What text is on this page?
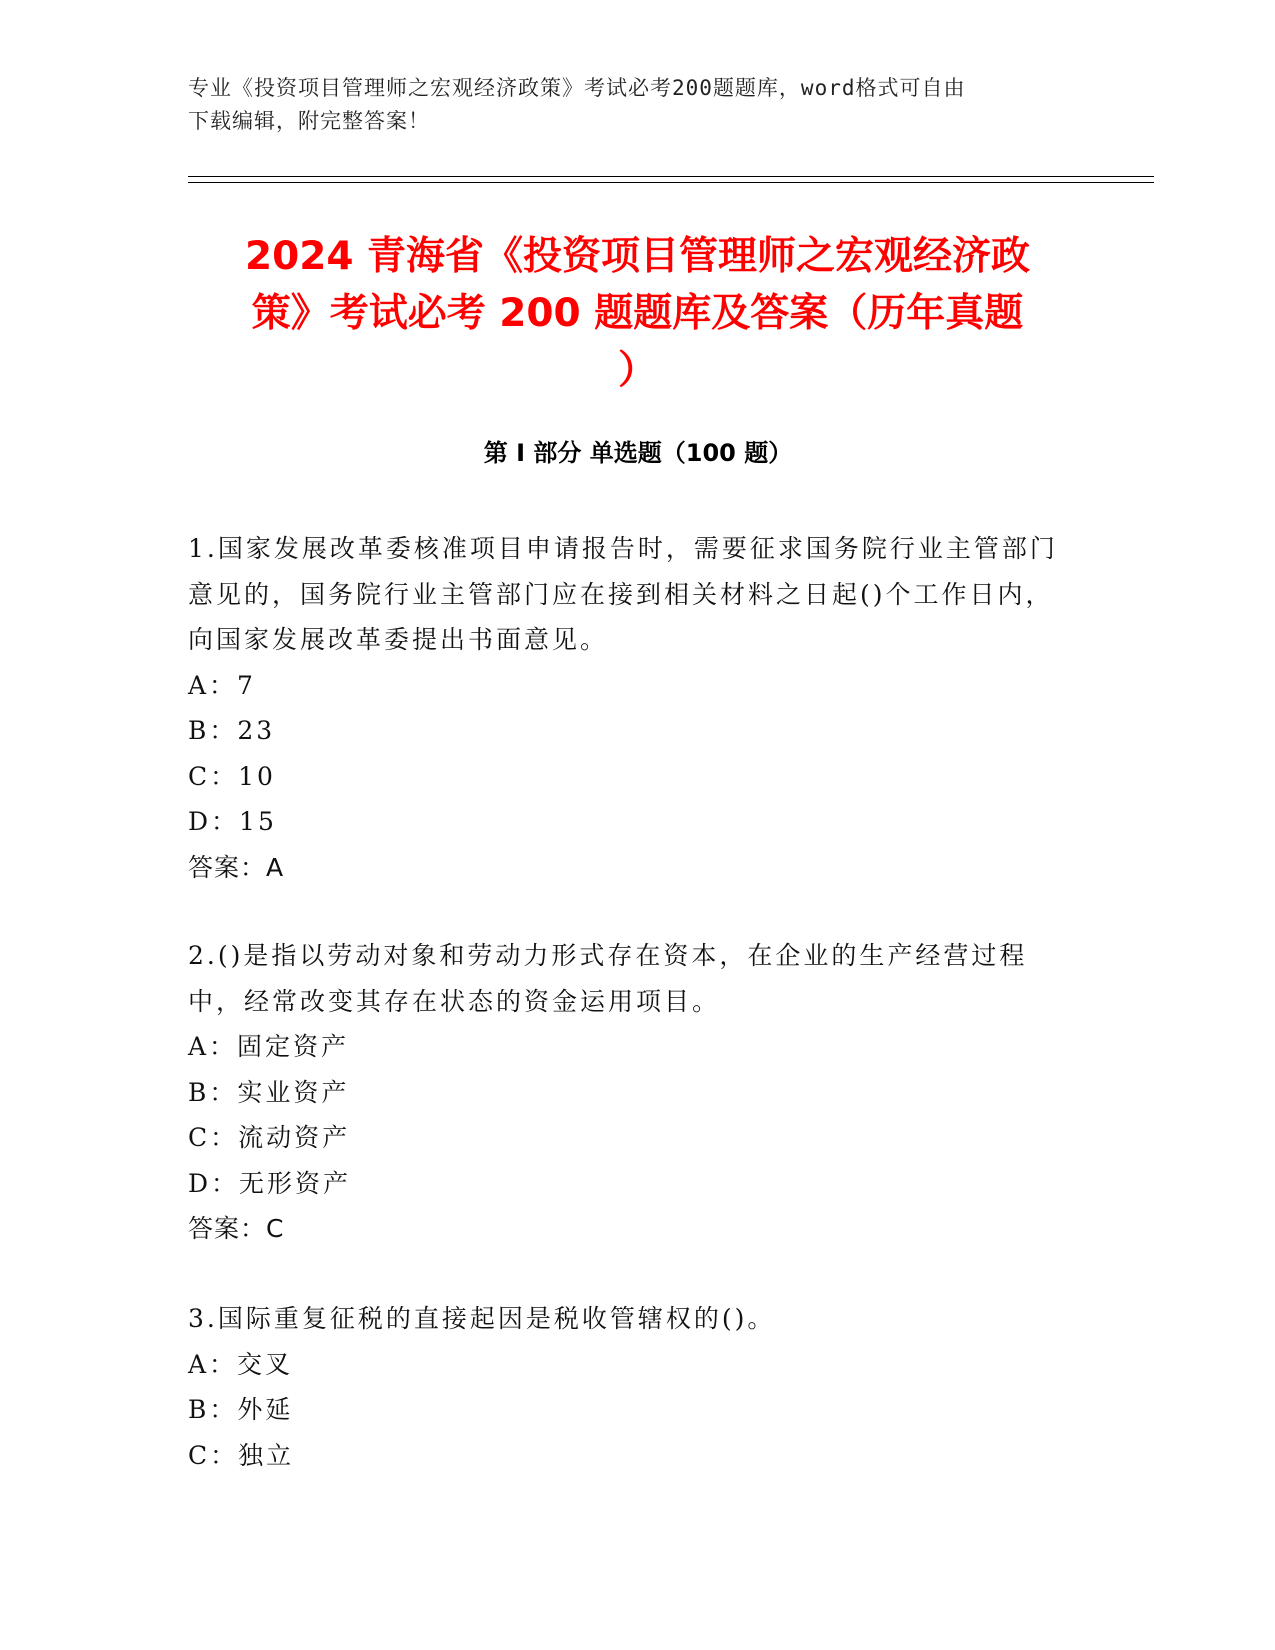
专业《投资项目管理师之宏观经济政策》考试必考200题题库，word格式可自由
下载编辑，附完整答案！
2024 青海省《投资项目管理师之宏观经济政
策》考试必考 200 题题库及答案（历年真题
）
第 I 部分 单选题（100 题）

1.国家发展改革委核准项目申请报告时，需要征求国务院行业主管部门意见的，国务院行业主管部门应在接到相关材料之日起()个工作日内，向国家发展改革委提出书面意见。

A：7
B：23
C：10
D：15
答案：A

2.()是指以劳动对象和劳动力形式存在资本，在企业的生产经营过程中，经常改变其存在状态的资金运用项目。

A：固定资产
B：实业资产
C：流动资产
D：无形资产
答案：C

3.国际重复征税的直接起因是税收管辖权的()。

A：交叉
B：外延
C：独立
